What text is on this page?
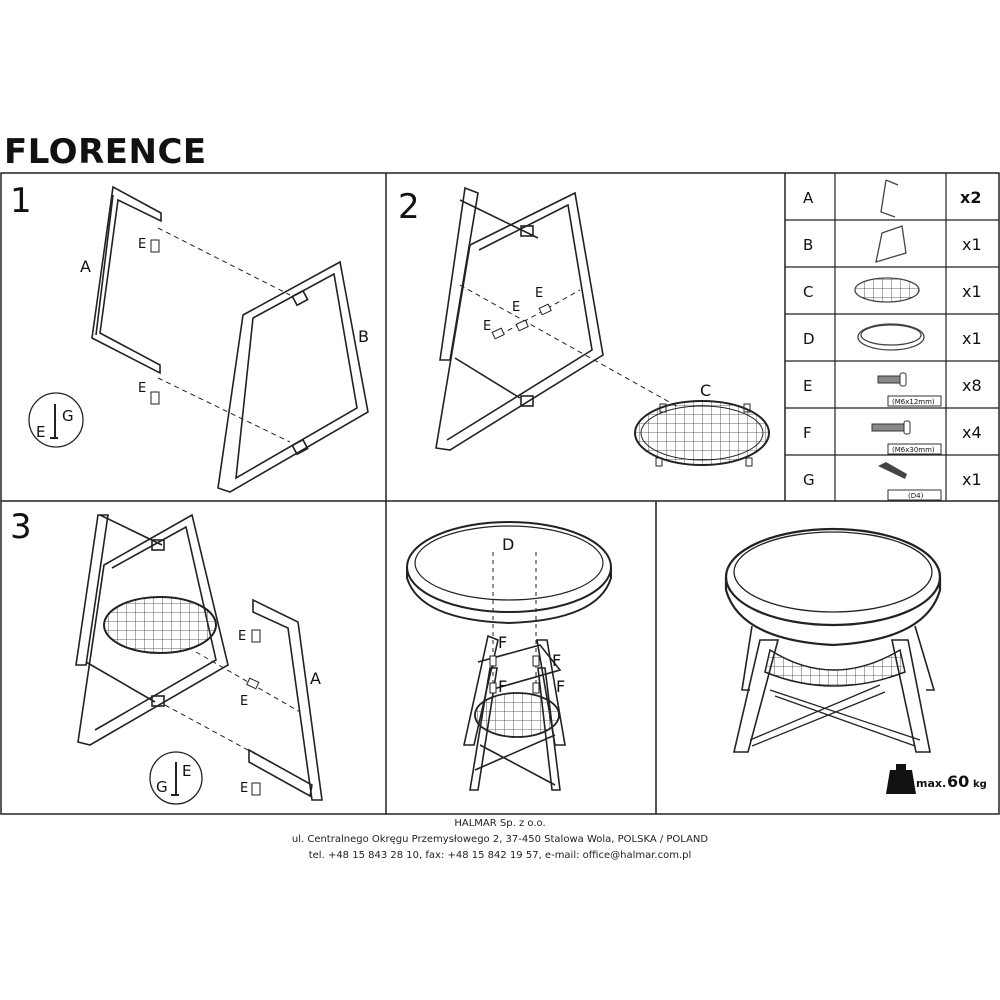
FLORENCE
1	2
3
A
B
E
E
E
G
E
E
E
C
A
B
C
D
E
F
G
x2
x1
x1
x1
x8
x4
x1
(M6x12mm)
(M6x30mm)
(D4)
A
E
E
E
G
E
D
F
F
F	F
max. 60 kg
HALMAR Sp. z o.o.
ul. Centralnego Okręgu Przemysłowego 2, 37-450 Stalowa Wola, POLSKA / POLAND
tel. +48 15 843 28 10, fax: +48 15 842 19 57, e-mail: office@halmar.com.pl
